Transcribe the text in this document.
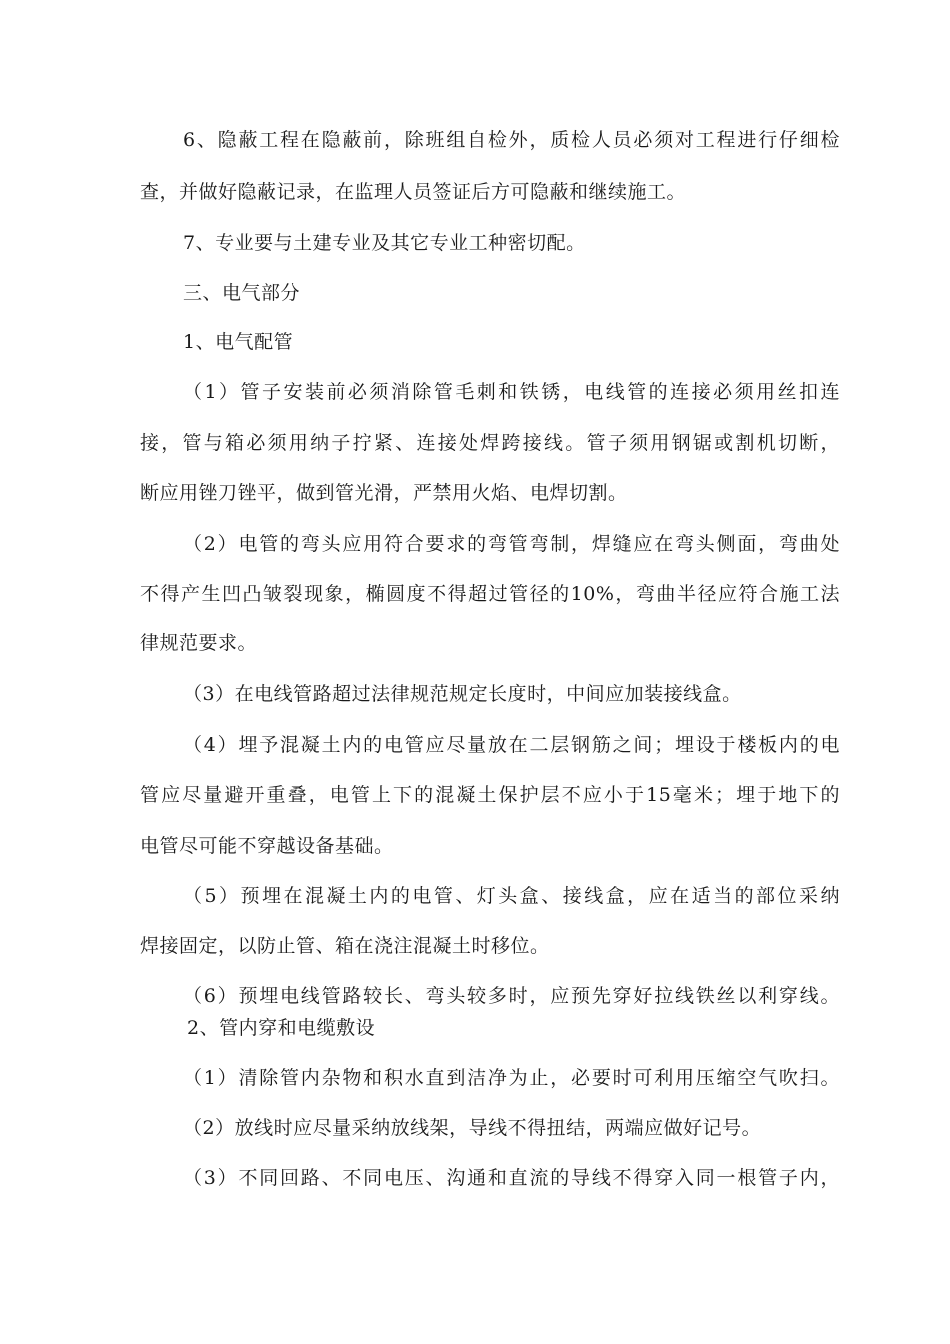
6、隐蔽工程在隐蔽前，除班组自检外，质检人员必须对工程进行仔细检
查，并做好隐蔽记录，在监理人员签证后方可隐蔽和继续施工。
7、专业要与土建专业及其它专业工种密切配。
三、电气部分
1、电气配管
（1）管子安装前必须消除管毛刺和铁锈，电线管的连接必须用丝扣连
接，管与箱必须用纳子拧紧、连接处焊跨接线。管子须用钢锯或割机切断，
断应用锉刀锉平，做到管光滑，严禁用火焰、电焊切割。
（2）电管的弯头应用符合要求的弯管弯制，焊缝应在弯头侧面，弯曲处
不得产生凹凸皱裂现象，椭圆度不得超过管径的10%，弯曲半径应符合施工法
律规范要求。
（3）在电线管路超过法律规范规定长度时，中间应加装接线盒。
（4）埋予混凝土内的电管应尽量放在二层钢筋之间；埋设于楼板内的电
管应尽量避开重叠，电管上下的混凝土保护层不应小于15毫米；埋于地下的
电管尽可能不穿越设备基础。
（5）预埋在混凝土内的电管、灯头盒、接线盒，应在适当的部位采纳
焊接固定，以防止管、箱在浇注混凝土时移位。
（6）预埋电线管路较长、弯头较多时，应预先穿好拉线铁丝以利穿线。
2、管内穿和电缆敷设
（1）清除管内杂物和积水直到洁净为止，必要时可利用压缩空气吹扫。
（2）放线时应尽量采纳放线架，导线不得扭结，两端应做好记号。
（3）不同回路、不同电压、沟通和直流的导线不得穿入同一根管子内，
